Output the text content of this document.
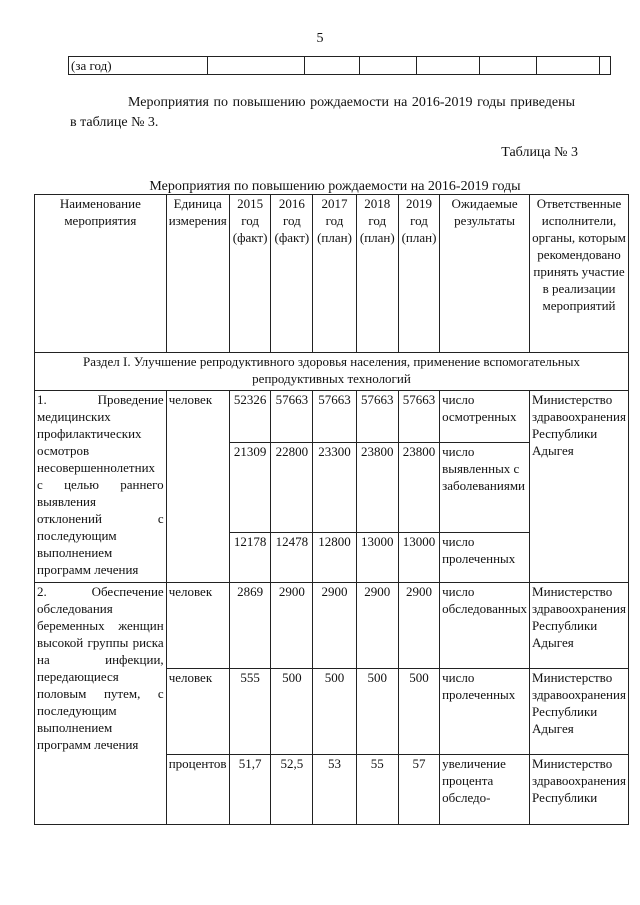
5
(за год)							
Мероприятия по повышению рождаемости на 2016-2019 годы приведены в таблице № 3.
Таблица № 3
Мероприятия по повышению рождаемости на 2016-2019 годы
Наименование мероприятия	Единица измерения	2015 год (факт)	2016 год (факт)	2017 год (план)	2018 год (план)	2019 год (план)	Ожидаемые результаты	Ответственные исполнители, органы, которым рекомендовано принять участие в реализации мероприятий
Раздел I. Улучшение репродуктивного здоровья населения, применение вспомогательных репродуктивных технологий								
1. Проведение медицинских профилактических осмотров несовершеннолетних с целью раннего выявления отклонений с последующим выполнением программ лечения	человек	52326	57663	57663	57663	57663	число осмотренных	Министерство здравоохранения Республики Адыгея
		21309	22800	23300	23800	23800	число выявленных с заболеваниями	
		12178	12478	12800	13000	13000	число пролеченных	
2. Обеспечение обследования беременных женщин высокой группы риска на инфекции, передающиеся половым путем, с последующим выполнением программ лечения	человек	2869	2900	2900	2900	2900	число обследованных	Министерство здравоохранения Республики Адыгея
	человек	555	500	500	500	500	число пролеченных	Министерство здравоохранения Республики Адыгея
	процентов	51,7	52,5	53	55	57	увеличение процента обследо-	Министерство здравоохранения Республики
